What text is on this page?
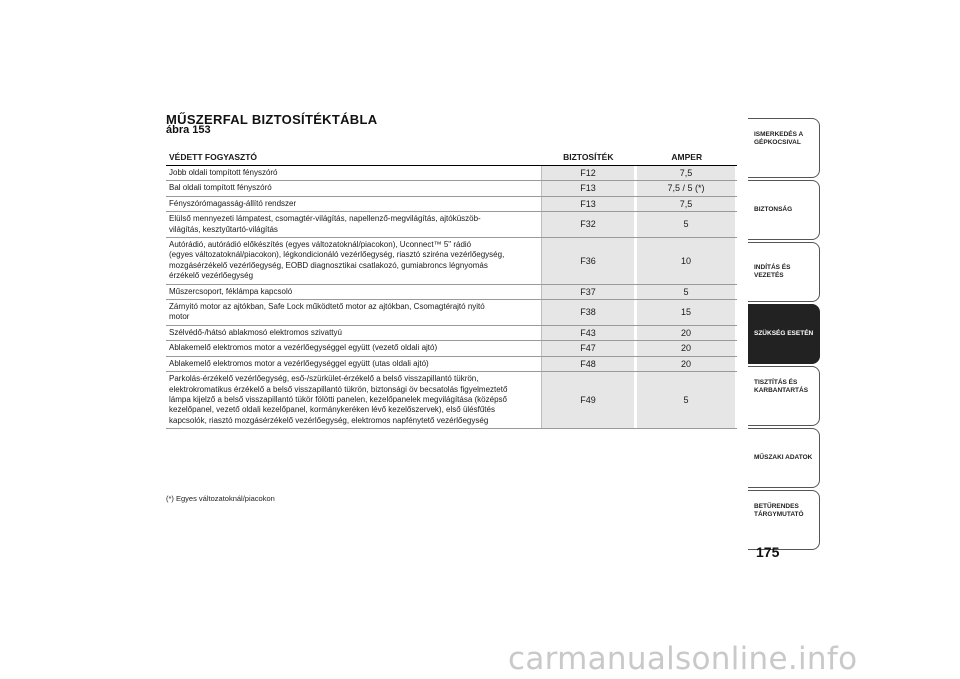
MŰSZERFAL BIZTOSÍTÉKTÁBLA
ábra 153
VÉDETT FOGYASZTÓ	BIZTOSÍTÉK	AMPER
Jobb oldali tompított fényszóró	F12	7,5
Bal oldali tompított fényszóró	F13	7,5 / 5 (*)
Fényszórómagasság-állító rendszer	F13	7,5
Elülső mennyezeti lámpatest, csomagtér-világítás, napellenző-megvilágítás, ajtóküszöb-
világítás, kesztyűtartó-világítás	F32	5
Autórádió, autórádió előkészítés (egyes változatoknál/piacokon), Uconnect™ 5" rádió
(egyes változatoknál/piacokon), légkondicionáló vezérlőegység, riasztó sziréna vezérlőegység,
mozgásérzékelő vezérlőegység, EOBD diagnosztikai csatlakozó, gumiabroncs légnyomás
érzékelő vezérlőegység
F36	10
Műszercsoport, féklámpa kapcsoló	F37	5
Zárnyitó motor az ajtókban, Safe Lock működtető motor az ajtókban, Csomagtérajtó nyitó
motor	F38	15
Szélvédő-/hátsó ablakmosó elektromos szivattyú	F43	20
Ablakemelő elektromos motor a vezérlőegységgel együtt (vezető oldali ajtó)	F47	20
Ablakemelő elektromos motor a vezérlőegységgel együtt (utas oldali ajtó)	F48	20
Parkolás-érzékelő vezérlőegység, eső-/szürkület-érzékelő a belső visszapillantó tükrön,
elektrokromatikus érzékelő a belső visszapillantó tükrön, biztonsági öv becsatolás figyelmeztető
lámpa kijelző a belső visszapillantó tükör fölötti panelen, kezelőpanelek megvilágítása (középső
kezelőpanel, vezető oldali kezelőpanel, kormánykeréken lévő kezelőszervek), első ülésfűtés
kapcsolók, riasztó mozgásérzékelő vezérlőegység, elektromos napfénytető vezérlőegység
F49	5
(*) Egyes változatoknál/piacokon
ISMERKEDÉS A
GÉPKOCSIVAL
BIZTONSÁG
INDÍTÁS ÉS VEZETÉS
SZÜKSÉG ESETÉN
TISZTÍTÁS ÉS
KARBANTARTÁS
MŰSZAKI ADATOK
BETŰRENDES
TÁRGYMUTATÓ
175
carmanualsonline.info
